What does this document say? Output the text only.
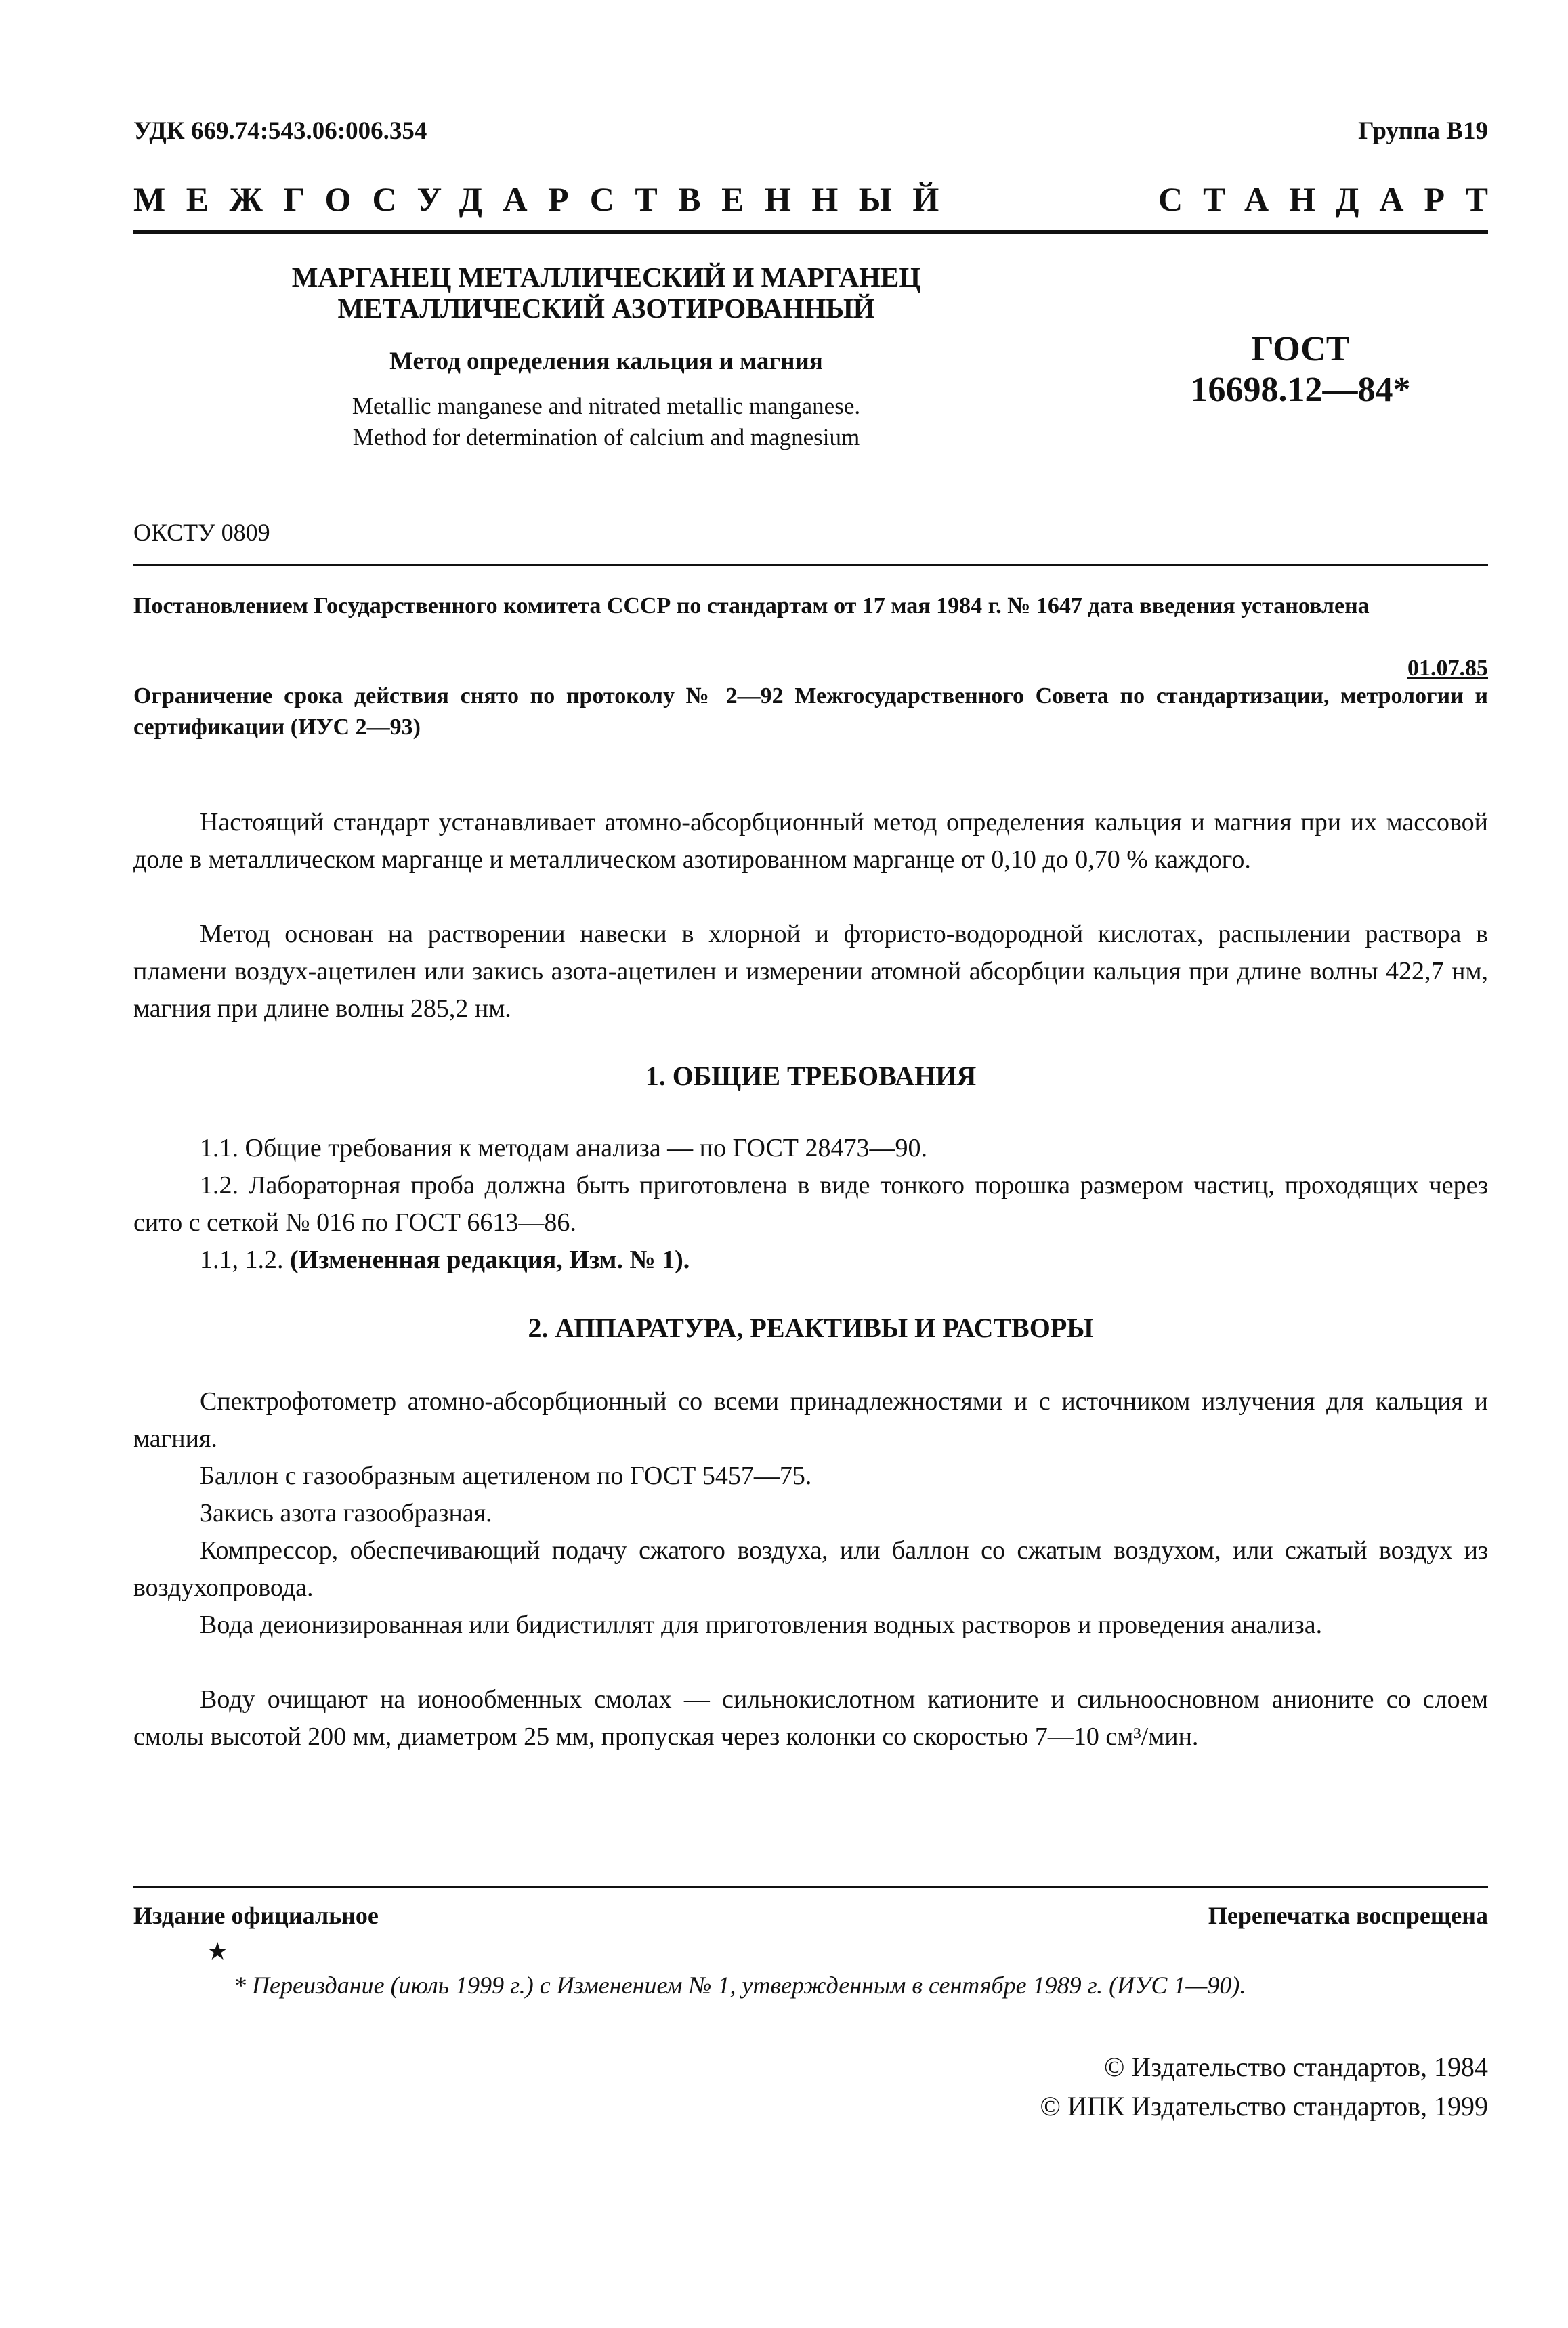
УДК 669.74:543.06:006.354	Группа В19
МЕЖГОСУДАРСТВЕННЫЙ	СТАНДАРТ
МАРГАНЕЦ МЕТАЛЛИЧЕСКИЙ И МАРГАНЕЦ
МЕТАЛЛИЧЕСКИЙ АЗОТИРОВАННЫЙ
Метод определения кальция и магния
Metallic manganese and nitrated metallic manganese.
Method for determination of calcium and magnesium
ГОСТ
16698.12—84*
ОКСТУ 0809
Постановлением Государственного комитета СССР по стандартам от 17 мая 1984 г. № 1647 дата введения установлена
01.07.85
Ограничение срока действия снято по протоколу № 2—92 Межгосударственного Совета по стандартизации, метрологии и сертификации (ИУС 2—93)
Настоящий стандарт устанавливает атомно-абсорбционный метод определения кальция и магния при их массовой доле в металлическом марганце и металлическом азотированном марганце от 0,10 до 0,70 % каждого.
Метод основан на растворении навески в хлорной и фтористо-водородной кислотах, распылении раствора в пламени воздух-ацетилен или закись азота-ацетилен и измерении атомной абсорбции кальция при длине волны 422,7 нм, магния при длине волны 285,2 нм.
1. ОБЩИЕ ТРЕБОВАНИЯ
1.1. Общие требования к методам анализа — по ГОСТ 28473—90.
1.2. Лабораторная проба должна быть приготовлена в виде тонкого порошка размером частиц, проходящих через сито с сеткой № 016 по ГОСТ 6613—86.
1.1, 1.2. (Измененная редакция, Изм. № 1).
2. АППАРАТУРА, РЕАКТИВЫ И РАСТВОРЫ
Спектрофотометр атомно-абсорбционный со всеми принадлежностями и с источником излучения для кальция и магния.
Баллон с газообразным ацетиленом по ГОСТ 5457—75.
Закись азота газообразная.
Компрессор, обеспечивающий подачу сжатого воздуха, или баллон со сжатым воздухом, или сжатый воздух из воздухопровода.
Вода деионизированная или бидистиллят для приготовления водных растворов и проведения анализа.
Воду очищают на ионообменных смолах — сильнокислотном катионите и сильноосновном анионите со слоем смолы высотой 200 мм, диаметром 25 мм, пропуская через колонки со скоростью 7—10 см³/мин.
Издание официальное	Перепечатка воспрещена
★
* Переиздание (июль 1999 г.) с Изменением № 1, утвержденным в сентябре 1989 г. (ИУС 1—90).
© Издательство стандартов, 1984
© ИПК Издательство стандартов, 1999
